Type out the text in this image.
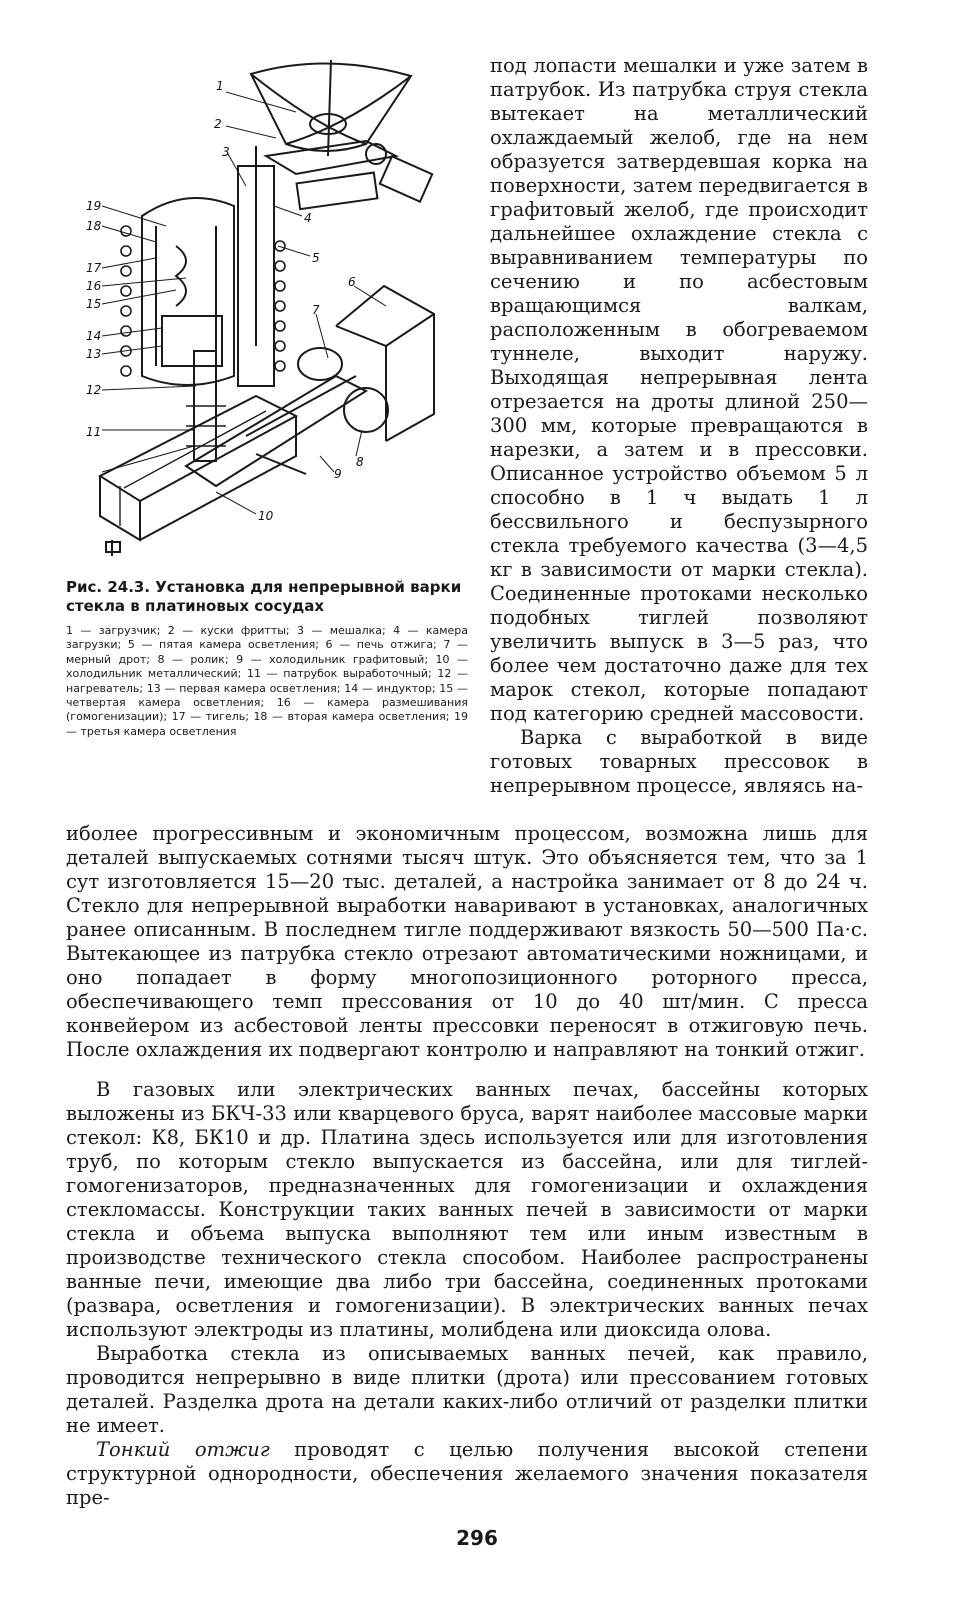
1
2
3
4
5
6
7
8
9
10
11
12
13
14
15
16
17
18
19
Рис. 24.3. Установка для непрерывной варки стекла в платиновых сосудах
1 — загрузчик; 2 — куски фритты; 3 — мешалка; 4 — камера загрузки; 5 — пятая камера осветления; 6 — печь отжига; 7 — мерный дрот; 8 — ролик; 9 — холодильник графитовый; 10 — холодильник металлический; 11 — патрубок выработочный; 12 — нагреватель; 13 — первая камера осветления; 14 — индуктор; 15 — четвертая камера осветления; 16 — камера размешивания (гомогенизации); 17 — тигель; 18 — вторая камера осветления; 19 — третья камера осветления

под лопасти мешалки и уже затем в патрубок. Из патрубка струя стекла вытекает на металлический охлаждаемый желоб, где на нем образуется затвердевшая корка на поверхности, затем передвигается в графитовый желоб, где происходит дальнейшее охлаждение стекла с выравниванием температуры по сечению и по асбестовым вращающимся валкам, расположенным в обогреваемом туннеле, выходит наружу. Выходящая непрерывная лента отрезается на дроты длиной 250—300 мм, которые превращаются в нарезки, а затем и в прессовки. Описанное устройство объемом 5 л способно в 1 ч выдать 1 л бессвильного и беспузырного стекла требуемого качества (3—4,5 кг в зависимости от марки стекла). Соединенные протоками несколько подобных тиглей позволяют увеличить выпуск в 3—5 раз, что более чем достаточно даже для тех марок стекол, которые попадают под категорию средней массовости.

Варка с выработкой в виде готовых товарных прессовок в непрерывном процессе, являясь на-

иболее прогрессивным и экономичным процессом, возможна лишь для деталей выпускаемых сотнями тысяч штук. Это объясняется тем, что за 1 сут изготовляется 15—20 тыс. деталей, а настройка занимает от 8 до 24 ч. Стекло для непрерывной выработки наваривают в установках, аналогичных ранее описанным. В последнем тигле поддерживают вязкость 50—500 Па·с. Вытекающее из патрубка стекло отрезают автоматическими ножницами, и оно попадает в форму многопозиционного роторного пресса, обеспечивающего темп прессования от 10 до 40 шт/мин. С пресса конвейером из асбестовой ленты прессовки переносят в отжиговую печь. После охлаждения их подвергают контролю и направляют на тонкий отжиг.
В газовых или электрических ванных печах, бассейны которых выложены из БКЧ-33 или кварцевого бруса, варят наиболее массовые марки стекол: К8, БК10 и др. Платина здесь используется или для изготовления труб, по которым стекло выпускается из бассейна, или для тиглей-гомогенизаторов, предназначенных для гомогенизации и охлаждения стекломассы. Конструкции таких ванных печей в зависимости от марки стекла и объема выпуска выполняют тем или иным известным в производстве технического стекла способом. Наиболее распространены ванные печи, имеющие два либо три бассейна, соединенных протоками (развара, осветления и гомогенизации). В электрических ванных печах используют электроды из платины, молибдена или диоксида олова.
Выработка стекла из описываемых ванных печей, как правило, проводится непрерывно в виде плитки (дрота) или прессованием готовых деталей. Разделка дрота на детали каких-либо отличий от разделки плитки не имеет.
Тонкий отжиг проводят с целью получения высокой степени структурной однородности, обеспечения желаемого значения показателя пре-
296
